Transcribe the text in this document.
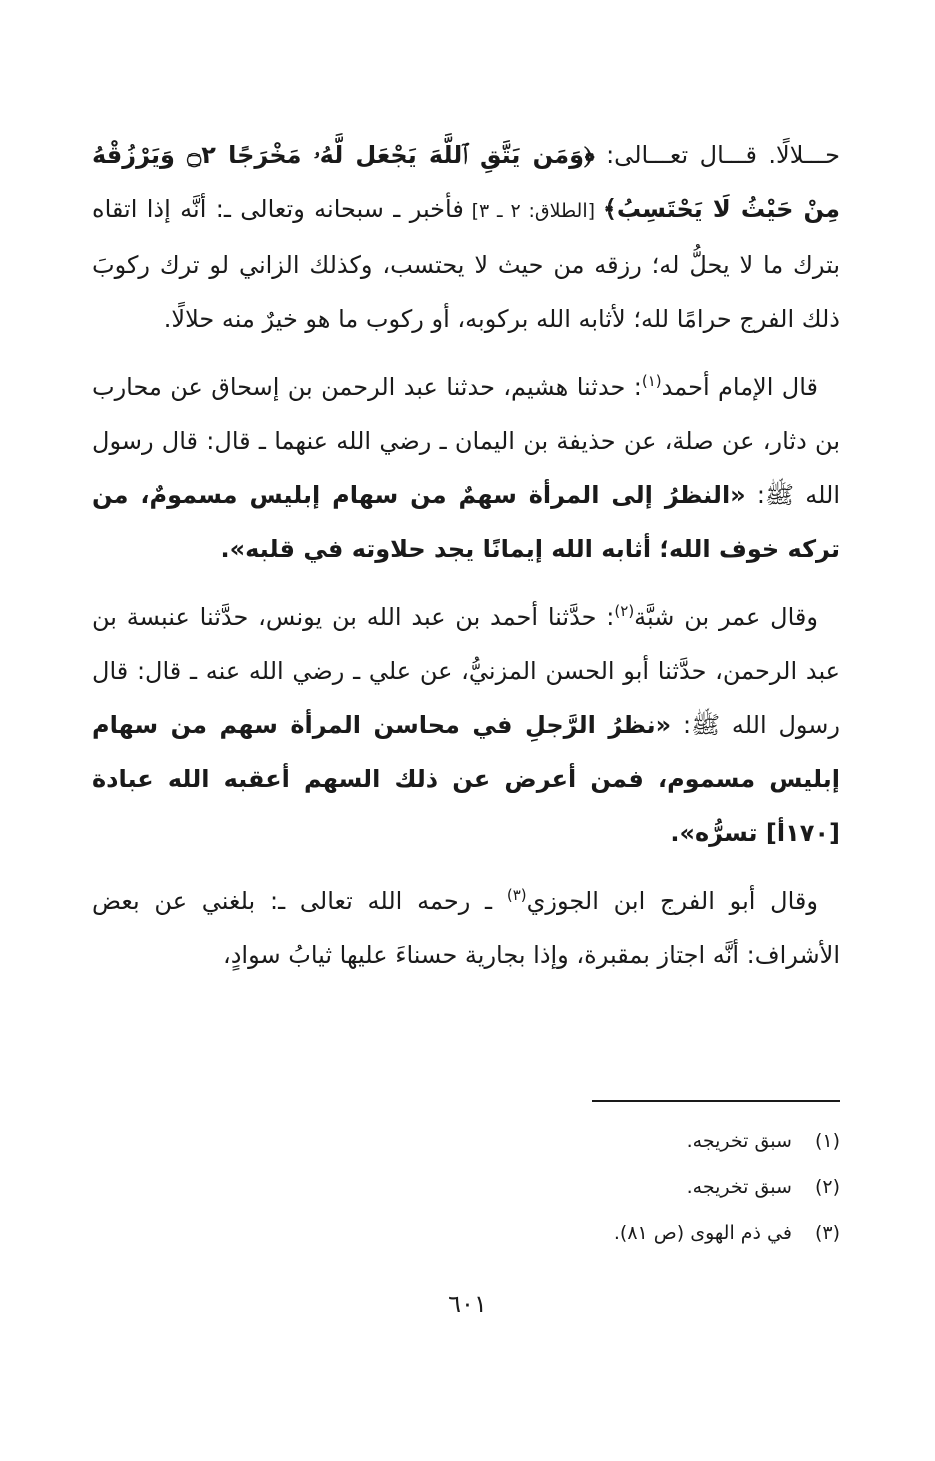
حـــلالًا. قـــال تعـــالى: ﴿وَمَن يَتَّقِ ٱللَّهَ يَجْعَل لَّهُۥ مَخْرَجًا ۝٢ وَيَرْزُقْهُ مِنْ حَيْثُ لَا يَحْتَسِبُ﴾ [الطلاق: ٢ ـ ٣] فأخبر ـ سبحانه وتعالى ـ: أنَّه إذا اتقاه بترك ما لا يحلُّ له؛ رزقه من حيث لا يحتسب، وكذلك الزاني لو ترك ركوبَ ذلك الفرج حرامًا لله؛ لأثابه الله بركوبه، أو ركوب ما هو خيرٌ منه حلالًا.

قال الإمام أحمد$^{(١)}$: حدثنا هشيم، حدثنا عبد الرحمن بن إسحاق عن محارب بن دثار، عن صلة، عن حذيفة بن اليمان ـ رضي الله عنهما ـ قال: قال رسول الله ﷺ: «النظرُ إلى المرأة سهمٌ من سهام إبليس مسمومٌ، من تركه خوف الله؛ أثابه الله إيمانًا يجد حلاوته في قلبه».

وقال عمر بن شبَّة$^{(٢)}$: حدَّثنا أحمد بن عبد الله بن يونس، حدَّثنا عنبسة بن عبد الرحمن، حدَّثنا أبو الحسن المزنيُّ، عن علي ـ رضي الله عنه ـ قال: قال رسول الله ﷺ: «نظرُ الرَّجلِ في محاسن المرأة سهم من سهام إبليس مسموم، فمن أعرض عن ذلك السهم أعقبه الله عبادة [١٧٠أ] تسرُّه».

وقال أبو الفرج ابن الجوزي$^{(٣)}$ ـ رحمه الله تعالى ـ: بلغني عن بعض الأشراف: أنَّه اجتاز بمقبرة، وإذا بجارية حسناءَ عليها ثيابُ سوادٍ،

(١) سبق تخريجه.
(٢) سبق تخريجه.
(٣) في ذم الهوى (ص ٨١).
٦٠١
